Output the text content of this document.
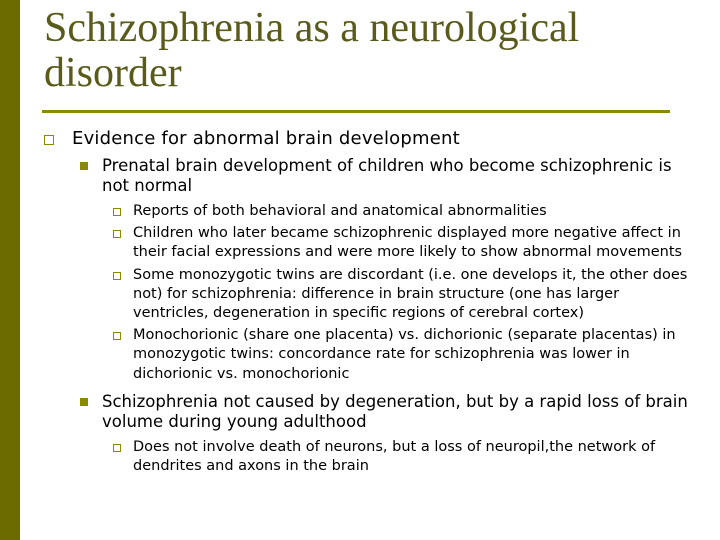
Schizophrenia as a neurological disorder
Evidence for abnormal brain development
Prenatal brain development of children who become schizophrenic is not normal
Reports of both behavioral and anatomical abnormalities
Children who later became schizophrenic displayed more negative affect in their facial expressions and were more likely to show abnormal movements
Some monozygotic twins are discordant (i.e. one develops it, the other does not) for schizophrenia: difference in brain structure (one has larger ventricles, degeneration in specific regions of cerebral cortex)
Monochorionic (share one placenta) vs. dichorionic (separate placentas) in monozygotic twins: concordance rate for schizophrenia was lower in dichorionic vs. monochorionic
Schizophrenia not caused by degeneration, but by a rapid loss of brain volume during young adulthood
Does not involve death of neurons, but a loss of neuropil,the network of dendrites and axons in the brain
